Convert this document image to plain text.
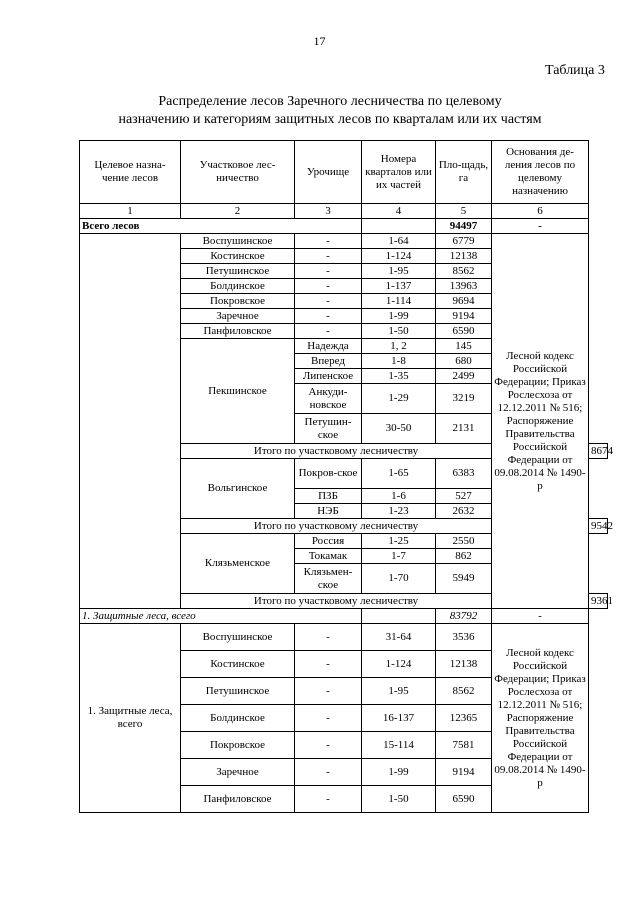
17
Таблица 3
Распределение лесов Заречного лесничества по целевому
назначению и категориям защитных лесов по кварталам или их частям
Целевое назна-чение лесов	Участковое лес-ничество	Урочище	Номера кварталов или их частей	Пло-щадь, га	Основания де-ления лесов по целевому назначению	
1	2	3	4	5	6	
Всего лесов				94497	-	
	Воспушинское	-	1-64	6779	Лесной кодекс Российской Федерации; Приказ Рослесхоза от 12.12.2011 № 516; Распоряжение Правительства Российской Федерации от 09.08.2014 № 1490-р	
	Костинское	-	1-124	12138		
	Петушинское	-	1-95	8562		
	Болдинское	-	1-137	13963		
	Покровское	-	1-114	9694		
	Заречное	-	1-99	9194		
	Панфиловское	-	1-50	6590		
	Пекшинское	Надежда	1, 2	145		
		Вперед	1-8	680		
		Липенское	1-35	2499		
		Анкуди-новское	1-29	3219		
		Петушин-ское	30-50	2131		
	Итого по участковому лесничеству					8674
	Вольгинское	Покров-ское	1-65	6383		
		ПЗБ	1-6	527		
		НЭБ	1-23	2632		
	Итого по участковому лесничеству					9542
	Клязьменское	Россия	1-25	2550		
		Токамак	1-7	862		
		Клязьмен-ское	1-70	5949		
	Итого по участковому лесничеству					9361
1. Защитные леса, всего				83792	-	
1. Защитные леса, всего	Воспушинское	-	31-64	3536	Лесной кодекс Российской Федерации; Приказ Рослесхоза от 12.12.2011 № 516; Распоряжение Правительства Российской Федерации от 09.08.2014 № 1490-р	
	Костинское	-	1-124	12138		
	Петушинское	-	1-95	8562		
	Болдинское	-	16-137	12365		
	Покровское	-	15-114	7581		
	Заречное	-	1-99	9194		
	Панфиловское	-	1-50	6590		
